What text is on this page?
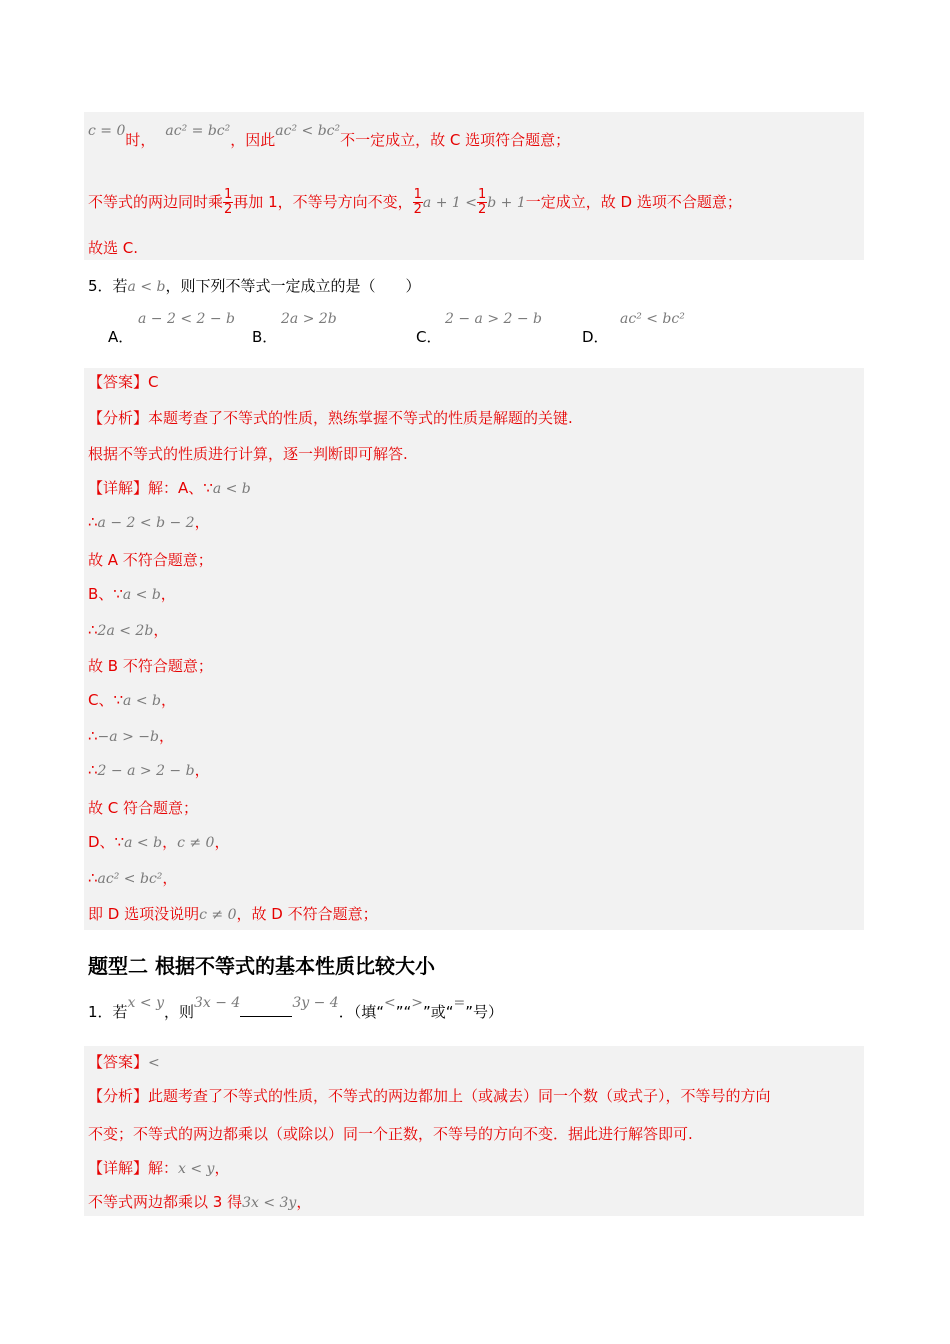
c = 0时， ac² = bc²，因此ac² < bc²不一定成立，故 C 选项符合题意；
不等式的两边同时乘 $\frac{1}{2}$ 再加 1，不等号方向不变， $\frac{1}{2}$ $a + 1 < \frac{1}{2}$ b + 1一定成立，故 D 选项不合题意；
故选 C.
5．若a < b，则下列不等式一定成立的是（　　）
A．
a − 2 < 2 − b
B．
2a > 2b
C．
2 − a > 2 − b
D．
ac² < bc²
【答案】C
【分析】本题考查了不等式的性质，熟练掌握不等式的性质是解题的关键.
根据不等式的性质进行计算，逐一判断即可解答.
【详解】解：A、∵a < b
∴a − 2 < b − 2，
故 A 不符合题意；
B、∵a < b，
∴2a < 2b，
故 B 不符合题意；
C、∵a < b，
∴−a > −b，
∴2 − a > 2 − b，
故 C 符合题意；
D、∵a < b，c ≠ 0，
∴ac² < bc²，
即 D 选项没说明c ≠ 0，故 D 不符合题意；
题型二 根据不等式的基本性质比较大小
1．若x < y，则3x − 4	3y − 4．（填“<”“>”或“=”号）
【答案】<
【分析】此题考查了不等式的性质，不等式的两边都加上（或减去）同一个数（或式子），不等号的方向
不变；不等式的两边都乘以（或除以）同一个正数，不等号的方向不变．据此进行解答即可.
【详解】解：x < y，
不等式两边都乘以 3 得3x < 3y，
